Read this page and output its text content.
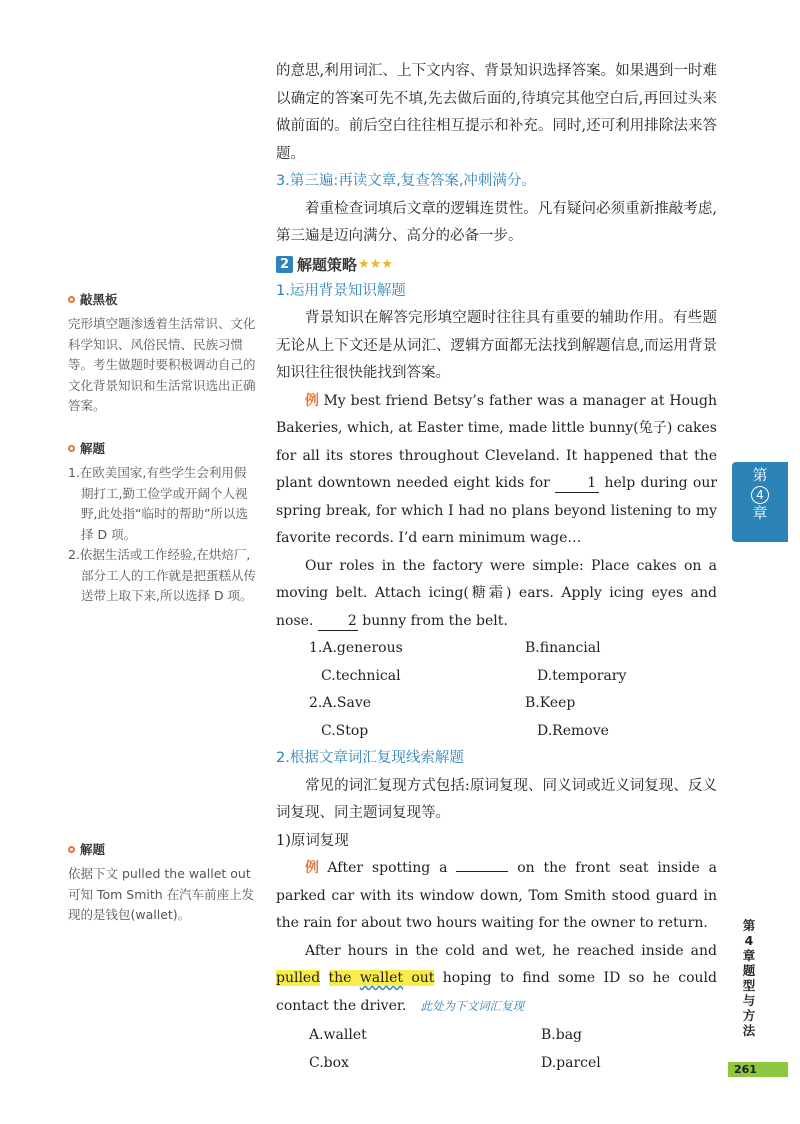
敲黑板
完形填空题渗透着生活常识、文化科学知识、风俗民情、民族习惯等。考生做题时要积极调动自己的文化背景知识和生活常识选出正确答案。
解题
1.在欧美国家,有些学生会利用假期打工,勤工俭学或开阔个人视野,此处指“临时的帮助”所以选择 D 项。
2.依据生活或工作经验,在烘焙厂,部分工人的工作就是把蛋糕从传送带上取下来,所以选择 D 项。
解题
依据下文 pulled the wallet out 可知 Tom Smith 在汽车前座上发现的是钱包(wallet)。
的意思,利用词汇、上下文内容、背景知识选择答案。如果遇到一时难以确定的答案可先不填,先去做后面的,待填完其他空白后,再回过头来做前面的。前后空白往往相互提示和补充。同时,还可利用排除法来答题。
3.第三遍:再读文章,复查答案,冲刺满分。
着重检查词填后文章的逻辑连贯性。凡有疑问必须重新推敲考虑,第三遍是迈向满分、高分的必备一步。
2 解题策略 ★★★
1.运用背景知识解题
背景知识在解答完形填空题时往往具有重要的辅助作用。有些题无论从上下文还是从词汇、逻辑方面都无法找到解题信息,而运用背景知识往往很快能找到答案。
例 My best friend Betsy’s father was a manager at Hough Bakeries, which, at Easter time, made little bunny(兔子) cakes for all its stores throughout Cleveland. It happened that the plant downtown needed eight kids for	1 help during our spring break, for which I had no plans beyond listening to my favorite records. I’d earn minimum wage…
Our roles in the factory were simple: Place cakes on a moving belt. Attach icing(糖霜) ears. Apply icing eyes and nose. 2 bunny from the belt.
1.A.generous	B.financial
C.technical	D.temporary
2.A.Save	B.Keep
C.Stop	D.Remove
2.根据文章词汇复现线索解题
常见的词汇复现方式包括:原词复现、同义词或近义词复现、反义词复现、同主题词复现等。
1)原词复现
例 After spotting a	on the front seat inside a parked car with its window down, Tom Smith stood guard in the rain for about two hours waiting for the owner to return.
After hours in the cold and wet, he reached inside and pulled the wallet out hoping to find some ID so he could contact the driver. 此处为下文词汇复现
A.wallet	B.bag
C.box	D.parcel
第
4
章
第4章 题型与方法
261
